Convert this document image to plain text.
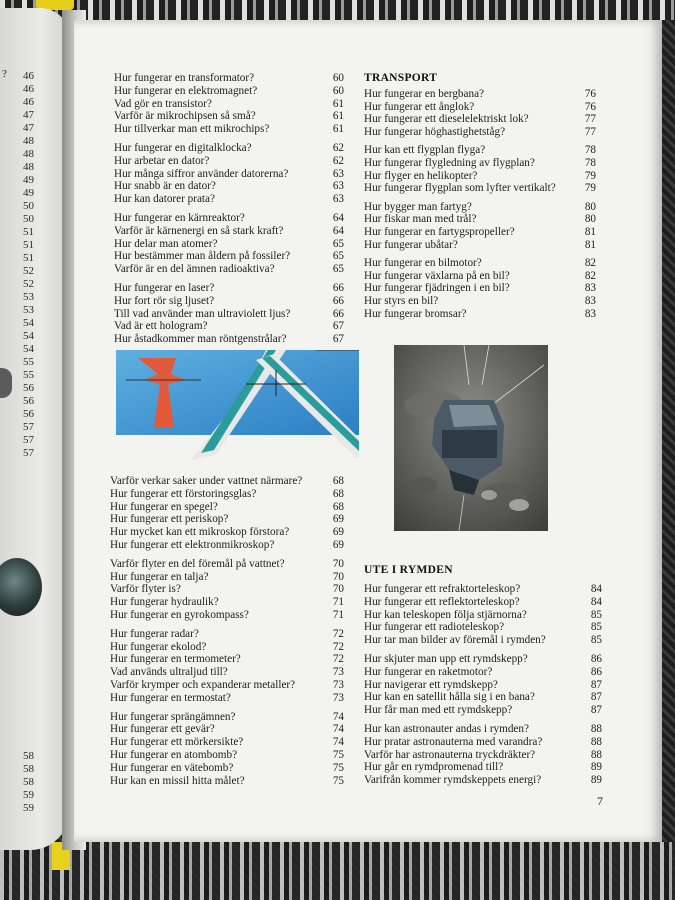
? 46
46
46
47
47
48
48
48
49
49
50
50
51
51
51
52
52
53
53
54
54
54
55
55
56
56
56
57
57
57
58
58
58
59
59
Hur fungerar en transformator?	60
Hur fungerar en elektromagnet?	60
Vad gör en transistor?	61
Varför är mikrochipsen så små?	61
Hur tillverkar man ett mikrochips?	61
Hur fungerar en digitalklocka?	62
Hur arbetar en dator?	62
Hur många siffror använder datorerna?	63
Hur snabb är en dator?	63
Hur kan datorer prata?	63
Hur fungerar en kärnreaktor?	64
Varför är kärnenergi en så stark kraft?	64
Hur delar man atomer?	65
Hur bestämmer man åldern på fossiler?	65
Varför är en del ämnen radioaktiva?	65
Hur fungerar en laser?	66
Hur fort rör sig ljuset?	66
Till vad använder man ultraviolett ljus?	66
Vad är ett hologram?	67
Hur åstadkommer man röntgenstrålar?	67
Varför verkar saker under vattnet närmare?	68
Hur fungerar ett förstoringsglas?	68
Hur fungerar en spegel?	68
Hur fungerar ett periskop?	69
Hur mycket kan ett mikroskop förstora?	69
Hur fungerar ett elektronmikroskop?	69
Varför flyter en del föremål på vattnet?	70
Hur fungerar en talja?	70
Varför flyter is?	70
Hur fungerar hydraulik?	71
Hur fungerar en gyrokompass?	71
Hur fungerar radar?	72
Hur fungerar ekolod?	72
Hur fungerar en termometer?	72
Vad används ultraljud till?	73
Varför krymper och expanderar metaller?	73
Hur fungerar en termostat?	73
Hur fungerar sprängämnen?	74
Hur fungerar ett gevär?	74
Hur fungerar ett mörkersikte?	74
Hur fungerar en atombomb?	75
Hur fungerar en vätebomb?	75
Hur kan en missil hitta målet?	75
TRANSPORT
Hur fungerar en bergbana?	76
Hur fungerar ett ånglok?	76
Hur fungerar ett dieselelektriskt lok?	77
Hur fungerar höghastighetståg?	77
Hur kan ett flygplan flyga?	78
Hur fungerar flygledning av flygplan?	78
Hur flyger en helikopter?	79
Hur fungerar flygplan som lyfter vertikalt?	79
Hur bygger man fartyg?	80
Hur fiskar man med trål?	80
Hur fungerar en fartygspropeller?	81
Hur fungerar ubåtar?	81
Hur fungerar en bilmotor?	82
Hur fungerar växlarna på en bil?	82
Hur fungerar fjädringen i en bil?	83
Hur styrs en bil?	83
Hur fungerar bromsar?	83
UTE I RYMDEN
Hur fungerar ett refraktorteleskop?	84
Hur fungerar ett reflektorteleskop?	84
Hur kan teleskopen följa stjärnorna?	85
Hur fungerar ett radioteleskop?	85
Hur tar man bilder av föremål i rymden?	85
Hur skjuter man upp ett rymdskepp?	86
Hur fungerar en raketmotor?	86
Hur navigerar ett rymdskepp?	87
Hur kan en satellit hålla sig i en bana?	87
Hur får man med ett rymdskepp?	87
Hur kan astronauter andas i rymden?	88
Hur pratar astronauterna med varandra?	88
Varför har astronauterna tryckdräkter?	88
Hur går en rymdpromenad till?	89
Varifrån kommer rymdskeppets energi?	89
7
